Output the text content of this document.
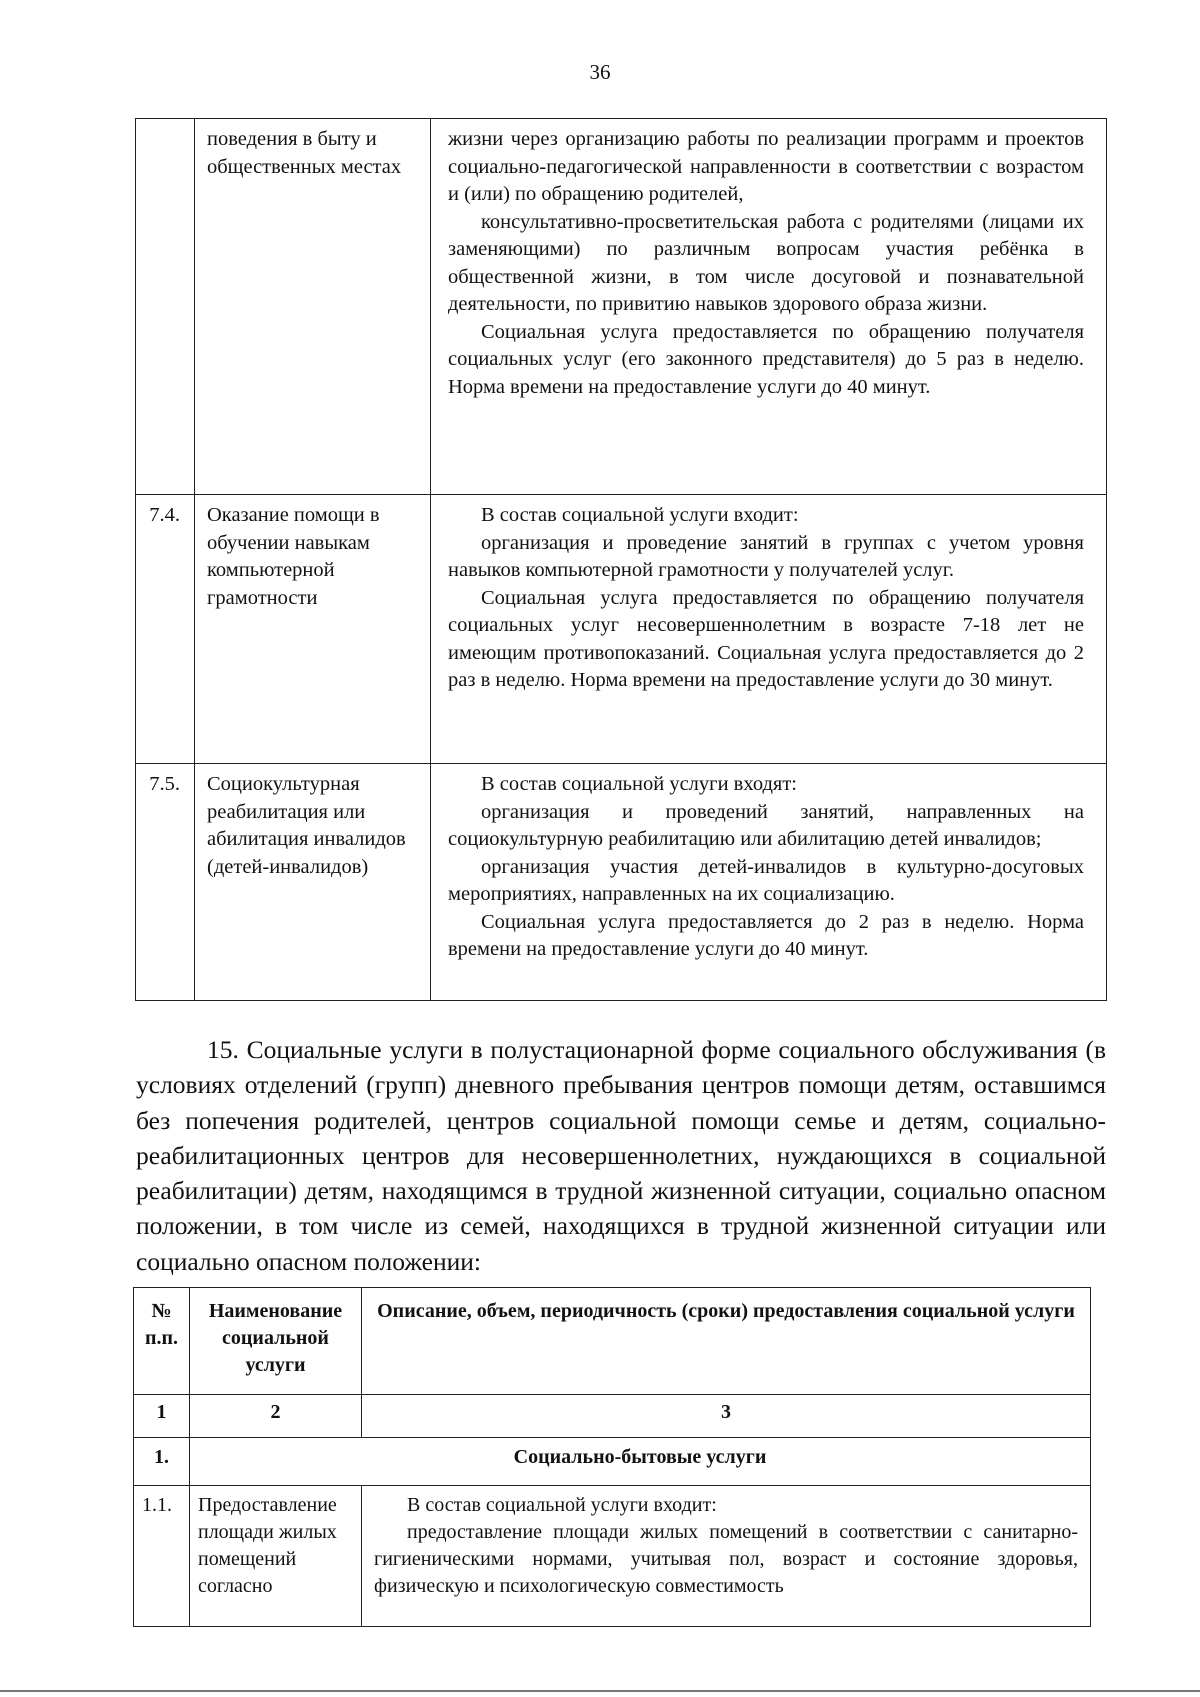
36
	поведения в быту и общественных местах	жизни через организацию работы по реализации программ и проектов социально-педагогической направленности в соответствии с возрастом и (или) по обращению родителей,
консультативно-просветительская работа с родителями (лицами их заменяющими) по различным вопросам участия ребёнка в общественной жизни, в том числе досуговой и познавательной деятельности, по привитию навыков здорового образа жизни.
Социальная услуга предоставляется по обращению получателя социальных услуг (его законного представителя) до 5 раз в неделю. Норма времени на предоставление услуги до 40 минут.

7.4.	Оказание помощи в обучении навыкам компьютерной грамотности	В состав социальной услуги входит:
организация и проведение занятий в группах с учетом уровня навыков компьютерной грамотности у получателей услуг.
Социальная услуга предоставляется по обращению получателя социальных услуг несовершеннолетним в возрасте 7-18 лет не имеющим противопоказаний. Социальная услуга предоставляется до 2 раз в неделю. Норма времени на предоставление услуги до 30 минут.

7.5.	Социокультурная реабилитация или абилитация инвалидов (детей-инвалидов)	В состав социальной услуги входят:
организация и проведений занятий, направленных на социокультурную реабилитацию или абилитацию детей инвалидов;
организация участия детей-инвалидов в культурно-досуговых мероприятиях, направленных на их социализацию.
Социальная услуга предоставляется до 2 раз в неделю. Норма времени на предоставление услуги до 40 минут.

15. Социальные услуги в полустационарной форме социального обслуживания (в условиях отделений (групп) дневного пребывания центров помощи детям, оставшимся без попечения родителей, центров социальной помощи семье и детям, социально-реабилитационных центров для несовершеннолетних, нуждающихся в социальной реабилитации) детям, находящимся в трудной жизненной ситуации, социально опасном положении, в том числе из семей, находящихся в трудной жизненной ситуации или социально опасном положении:

№ п.п.	Наименование социальной услуги	Описание, объем, периодичность (сроки) предоставления социальной услуги
1	2	3
1.	Социально-бытовые услуги	
1.1.	Предоставление площади жилых помещений согласно	В состав социальной услуги входит:
предоставление площади жилых помещений в соответствии с санитарно-гигиеническими нормами, учитывая пол, возраст и состояние здоровья, физическую и психологическую совместимость
